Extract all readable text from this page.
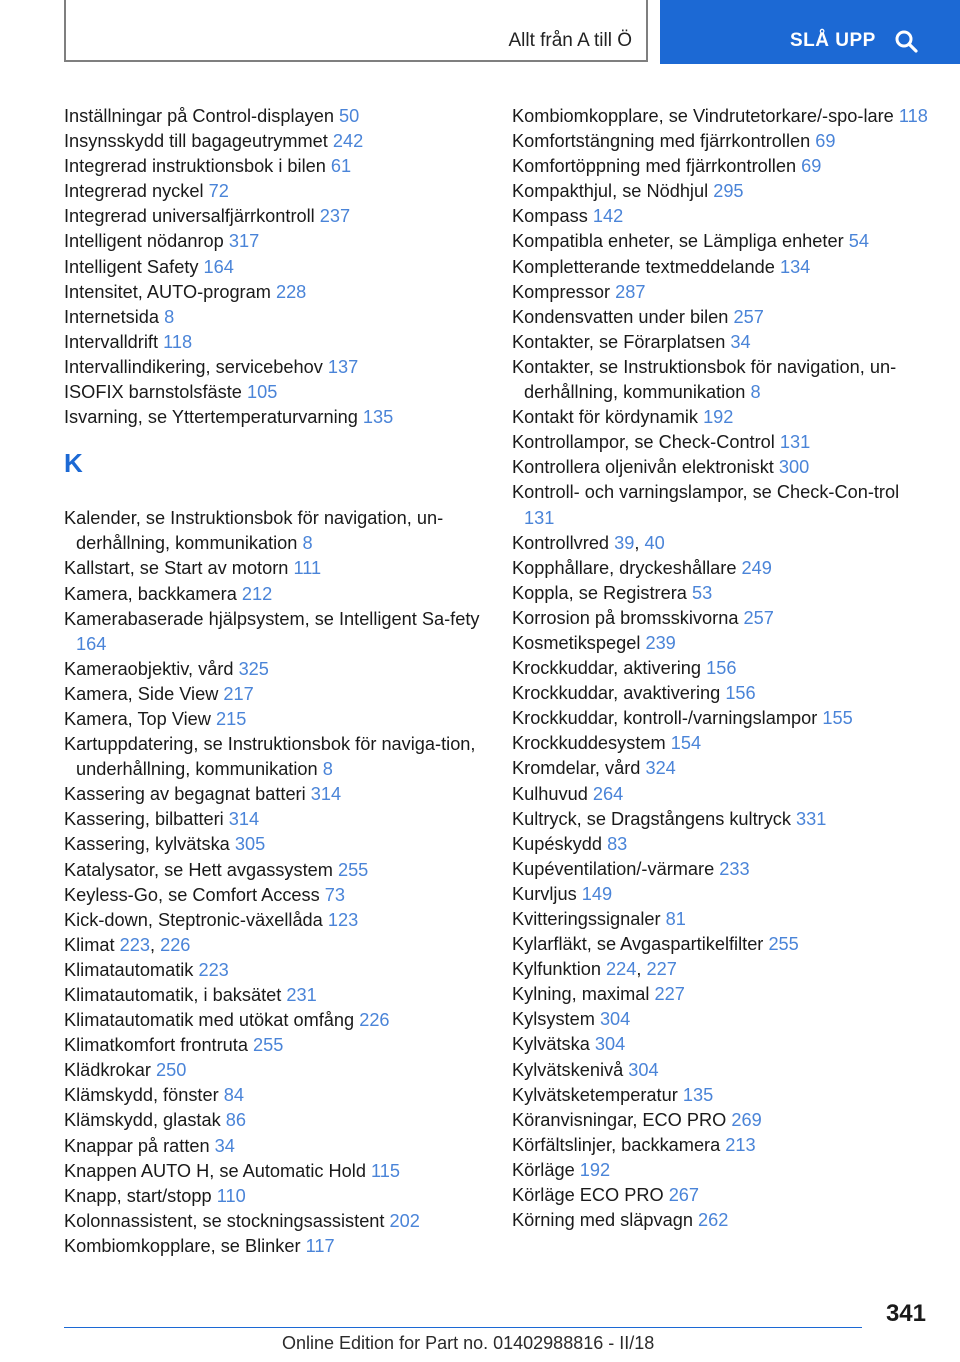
Allt från A till Ö	SLÅ UPP
Inställningar på Control-displayen 50
Insynsskydd till bagageutrymmet 242
Integrerad instruktionsbok i bilen 61
Integrerad nyckel 72
Integrerad universalfjärrkontroll 237
Intelligent nödanrop 317
Intelligent Safety 164
Intensitet, AUTO-program 228
Internetsida 8
Intervalldrift 118
Intervallindikering, servicebehov 137
ISOFIX barnstolsfäste 105
Isvarning, se Yttertemperaturvarning 135
K
Kalender, se Instruktionsbok för navigation, un-derhållning, kommunikation 8
Kallstart, se Start av motorn 111
Kamera, backkamera 212
Kamerabaserade hjälpsystem, se Intelligent Sa-fety 164
Kameraobjektiv, vård 325
Kamera, Side View 217
Kamera, Top View 215
Kartuppdatering, se Instruktionsbok för naviga-tion, underhållning, kommunikation 8
Kassering av begagnat batteri 314
Kassering, bilbatteri 314
Kassering, kylvätska 305
Katalysator, se Hett avgassystem 255
Keyless-Go, se Comfort Access 73
Kick-down, Steptronic-växellåda 123
Klimat 223, 226
Klimatautomatik 223
Klimatautomatik, i baksätet 231
Klimatautomatik med utökat omfång 226
Klimatkomfort frontruta 255
Klädkrokar 250
Klämskydd, fönster 84
Klämskydd, glastak 86
Knappar på ratten 34
Knappen AUTO H, se Automatic Hold 115
Knapp, start/stopp 110
Kolonnassistent, se stockningsassistent 202
Kombiomkopplare, se Blinker 117
Kombiomkopplare, se Vindrutetorkare/-spo-lare 118
Komfortstängning med fjärrkontrollen 69
Komfortöppning med fjärrkontrollen 69
Kompakthjul, se Nödhjul 295
Kompass 142
Kompatibla enheter, se Lämpliga enheter 54
Kompletterande textmeddelande 134
Kompressor 287
Kondensvatten under bilen 257
Kontakter, se Förarplatsen 34
Kontakter, se Instruktionsbok för navigation, un-derhållning, kommunikation 8
Kontakt för kördynamik 192
Kontrollampor, se Check-Control 131
Kontrollera oljenivån elektroniskt 300
Kontroll- och varningslampor, se Check-Con-trol 131
Kontrollvred 39, 40
Kopphållare, dryckeshållare 249
Koppla, se Registrera 53
Korrosion på bromsskivorna 257
Kosmetikspegel 239
Krockkuddar, aktivering 156
Krockkuddar, avaktivering 156
Krockkuddar, kontroll-/varningslampor 155
Krockkuddesystem 154
Kromdelar, vård 324
Kulhuvud 264
Kultryck, se Dragstångens kultryck 331
Kupéskydd 83
Kupéventilation/-värmare 233
Kurvljus 149
Kvitteringssignaler 81
Kylarfläkt, se Avgaspartikelfilter 255
Kylfunktion 224, 227
Kylning, maximal 227
Kylsystem 304
Kylvätska 304
Kylvätskenivå 304
Kylvätsketemperatur 135
Köranvisningar, ECO PRO 269
Körfältslinjer, backkamera 213
Körläge 192
Körläge ECO PRO 267
Körning med släpvagn 262
341
Online Edition for Part no. 01402988816 - II/18
